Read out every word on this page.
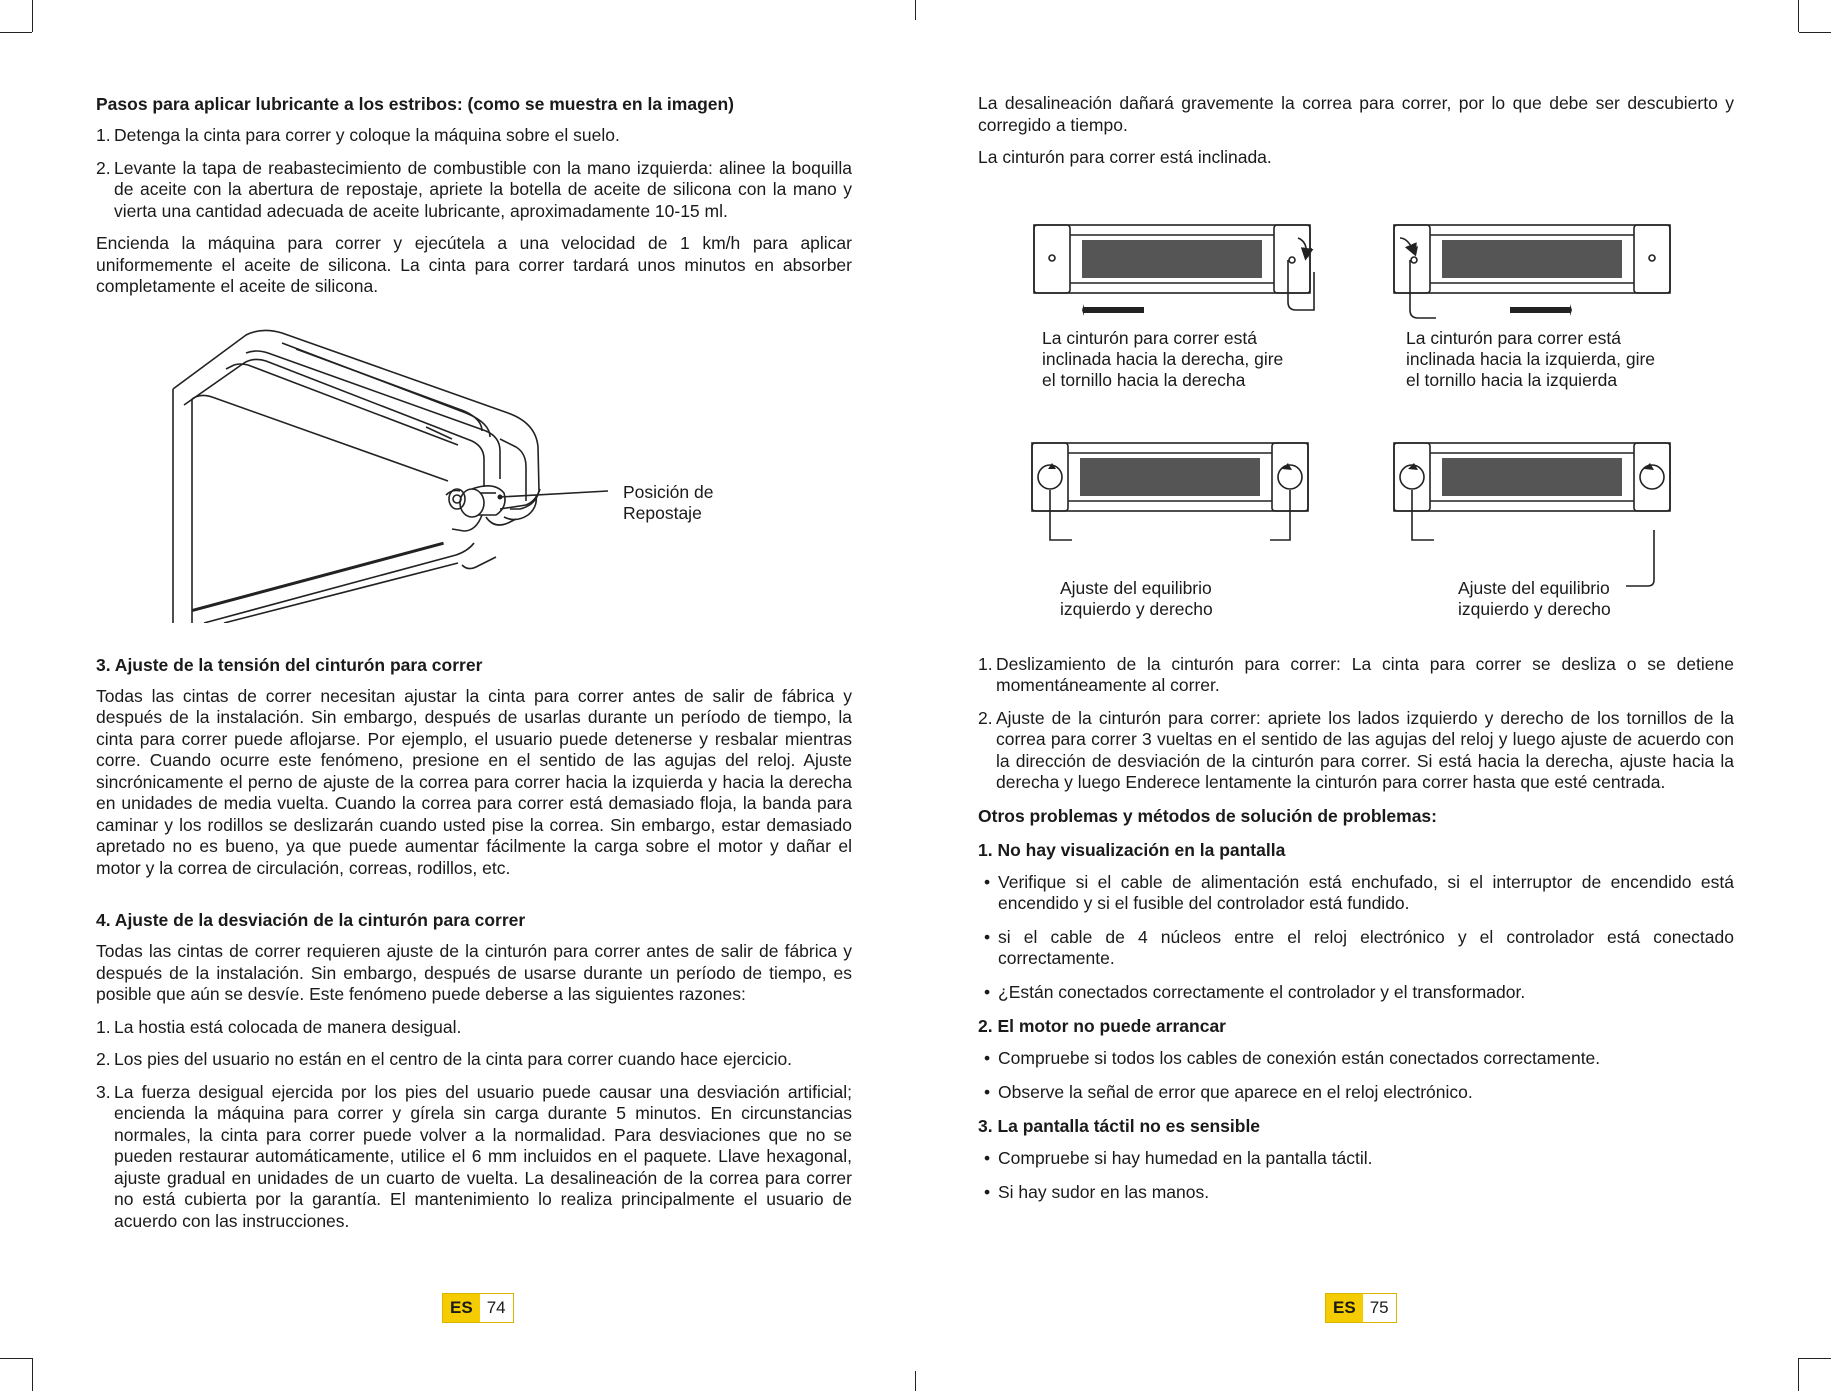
Pasos para aplicar lubricante a los estribos: (como se muestra en la imagen)
1. Detenga la cinta para correr y coloque la máquina sobre el suelo.
2. Levante la tapa de reabastecimiento de combustible con la mano izquierda: alinee la boquilla de aceite con la abertura de repostaje, apriete la botella de aceite de silicona con la mano y vierta una cantidad adecuada de aceite lubricante, aproximadamente 10-15 ml.

Encienda la máquina para correr y ejecútela a una velocidad de 1 km/h para aplicar uniformemente el aceite de silicona. La cinta para correr tardará unos minutos en absorber completamente el aceite de silicona.

Posición de
Repostaje
3. Ajuste de la tensión del cinturón para correr

Todas las cintas de correr necesitan ajustar la cinta para correr antes de salir de fábrica y después de la instalación. Sin embargo, después de usarlas durante un período de tiempo, la cinta para correr puede aflojarse. Por ejemplo, el usuario puede detenerse y resbalar mientras corre. Cuando ocurre este fenómeno, presione en el sentido de las agujas del reloj. Ajuste sincrónicamente el perno de ajuste de la correa para correr hacia la izquierda y hacia la derecha en unidades de media vuelta. Cuando la correa para correr está demasiado floja, la banda para caminar y los rodillos se deslizarán cuando usted pise la correa. Sin embargo, estar demasiado apretado no es bueno, ya que puede aumentar fácilmente la carga sobre el motor y dañar el motor y la correa de circulación, correas, rodillos, etc.

4. Ajuste de la desviación de la cinturón para correr

Todas las cintas de correr requieren ajuste de la cinturón para correr antes de salir de fábrica y después de la instalación. Sin embargo, después de usarse durante un período de tiempo, es posible que aún se desvíe. Este fenómeno puede deberse a las siguientes razones:

1. La hostia está colocada de manera desigual.
2. Los pies del usuario no están en el centro de la cinta para correr cuando hace ejercicio.
3. La fuerza desigual ejercida por los pies del usuario puede causar una desviación artificial; encienda la máquina para correr y gírela sin carga durante 5 minutos. En circunstancias normales, la cinta para correr puede volver a la normalidad. Para desviaciones que no se pueden restaurar automáticamente, utilice el 6 mm incluidos en el paquete. Llave hexagonal, ajuste gradual en unidades de un cuarto de vuelta. La desalineación de la correa para correr no está cubierta por la garantía. El mantenimiento lo realiza principalmente el usuario de acuerdo con las instrucciones.
ES 74

La desalineación dañará gravemente la correa para correr, por lo que debe ser descubierto y corregido a tiempo.

La cinturón para correr está inclinada.

La cinturón para correr está
inclinada hacia la derecha, gire
el tornillo hacia la derecha
La cinturón para correr está
inclinada hacia la izquierda, gire
el tornillo hacia la izquierda
Ajuste del equilibrio
izquierdo y derecho
Ajuste del equilibrio
izquierdo y derecho
1. Deslizamiento de la cinturón para correr: La cinta para correr se desliza o se detiene momentáneamente al correr.
2. Ajuste de la cinturón para correr: apriete los lados izquierdo y derecho de los tornillos de la correa para correr 3 vueltas en el sentido de las agujas del reloj y luego ajuste de acuerdo con la dirección de desviación de la cinturón para correr. Si está hacia la derecha, ajuste hacia la derecha y luego Enderece lentamente la cinturón para correr hasta que esté centrada.
Otros problemas y métodos de solución de problemas:
1. No hay visualización en la pantalla
• Verifique si el cable de alimentación está enchufado, si el interruptor de encendido está encendido y si el fusible del controlador está fundido.
• si el cable de 4 núcleos entre el reloj electrónico y el controlador está conectado correctamente.
• ¿Están conectados correctamente el controlador y el transformador.
2. El motor no puede arrancar
• Compruebe si todos los cables de conexión están conectados correctamente.
• Observe la señal de error que aparece en el reloj electrónico.
3. La pantalla táctil no es sensible
• Compruebe si hay humedad en la pantalla táctil.
• Si hay sudor en las manos.
ES 75
